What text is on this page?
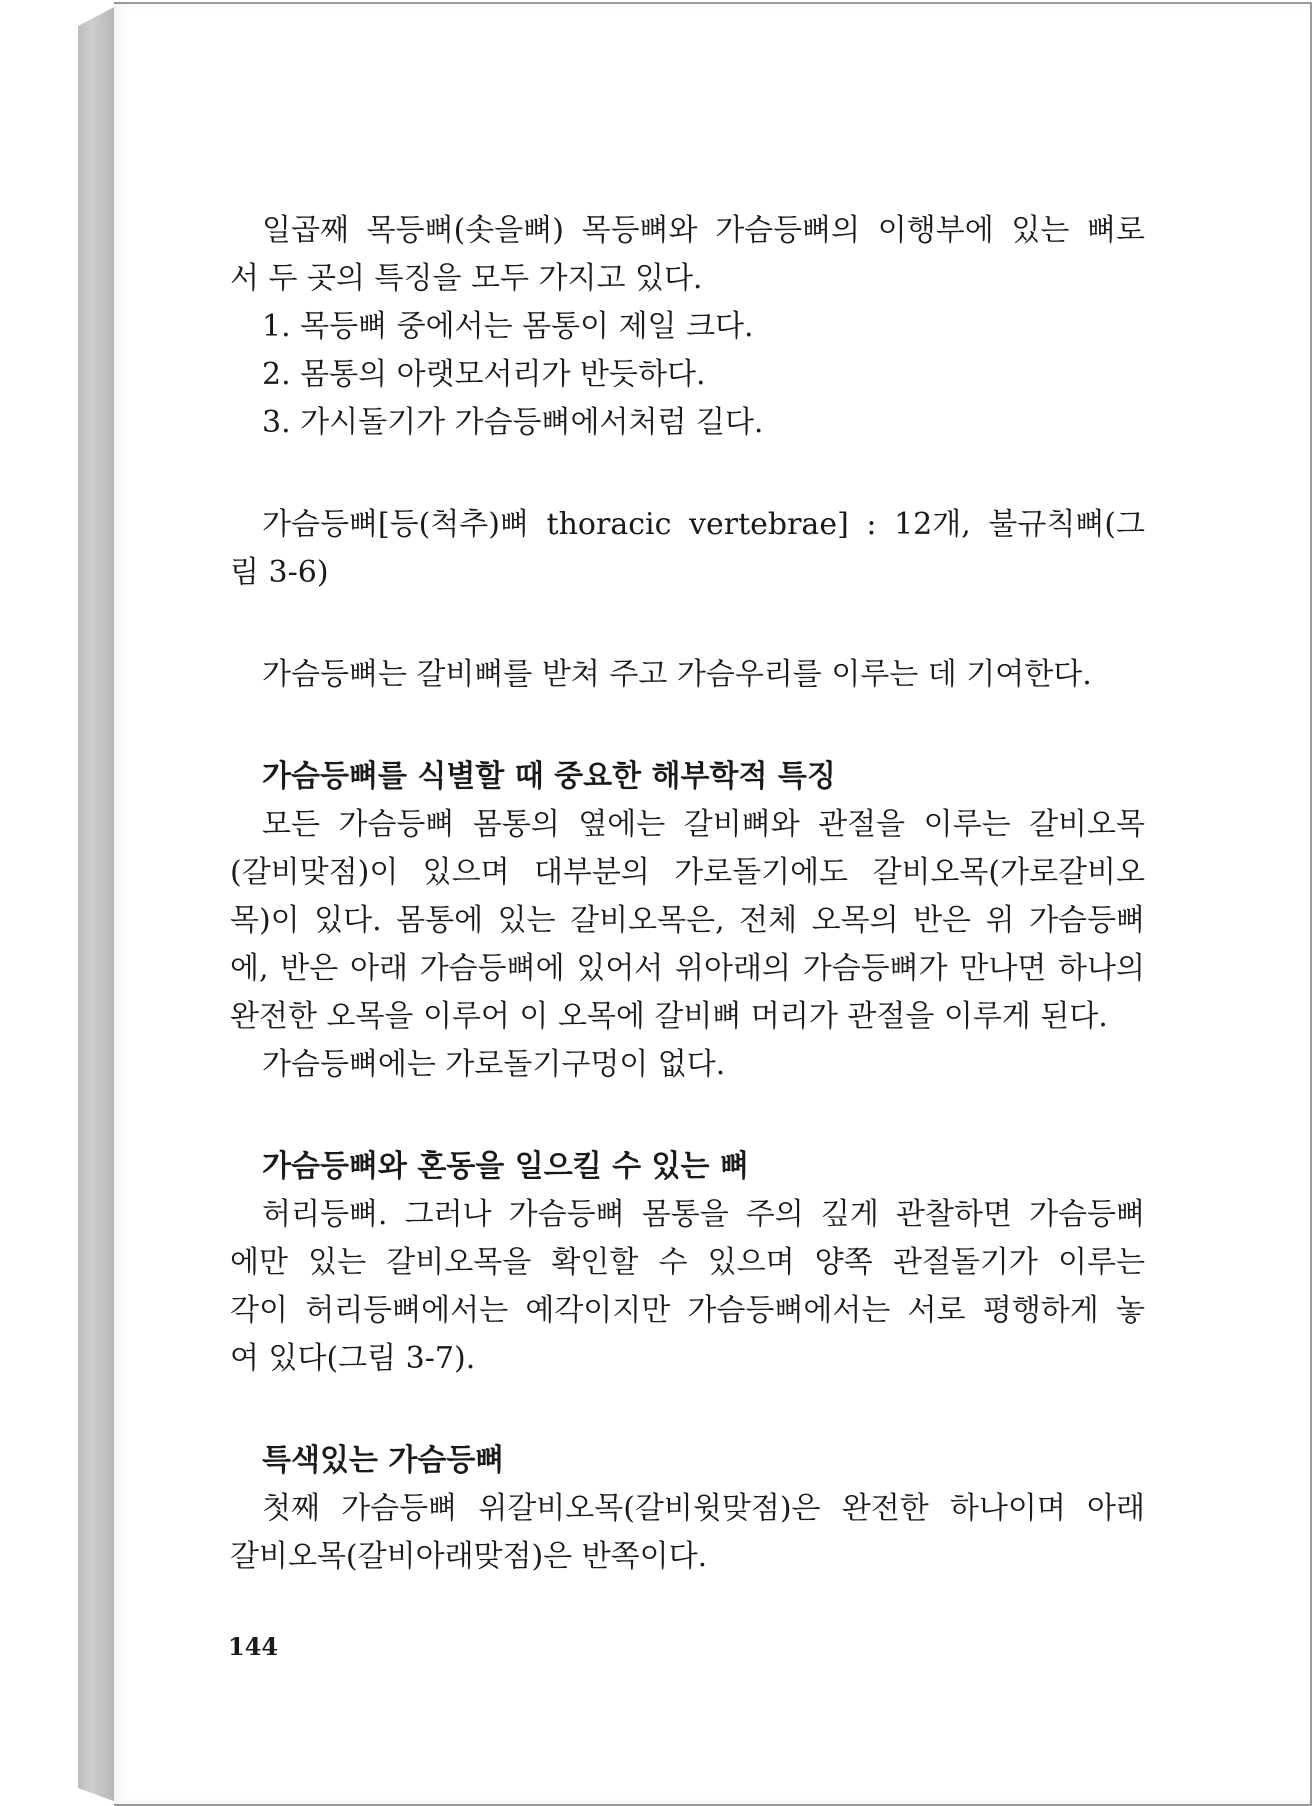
일곱째 목등뼈(솟을뼈) 목등뼈와 가슴등뼈의 이행부에 있는 뼈로
서 두 곳의 특징을 모두 가지고 있다.
1. 목등뼈 중에서는 몸통이 제일 크다.
2. 몸통의 아랫모서리가 반듯하다.
3. 가시돌기가 가슴등뼈에서처럼 길다.
가슴등뼈[등(척추)뼈 thoracic vertebrae] : 12개, 불규칙뼈(그
림 3-6)
가슴등뼈는 갈비뼈를 받쳐 주고 가슴우리를 이루는 데 기여한다.
가슴등뼈를 식별할 때 중요한 해부학적 특징
모든 가슴등뼈 몸통의 옆에는 갈비뼈와 관절을 이루는 갈비오목
(갈비맞점)이 있으며 대부분의 가로돌기에도 갈비오목(가로갈비오
목)이 있다. 몸통에 있는 갈비오목은, 전체 오목의 반은 위 가슴등뼈
에, 반은 아래 가슴등뼈에 있어서 위아래의 가슴등뼈가 만나면 하나의
완전한 오목을 이루어 이 오목에 갈비뼈 머리가 관절을 이루게 된다.
가슴등뼈에는 가로돌기구멍이 없다.
가슴등뼈와 혼동을 일으킬 수 있는 뼈
허리등뼈. 그러나 가슴등뼈 몸통을 주의 깊게 관찰하면 가슴등뼈
에만 있는 갈비오목을 확인할 수 있으며 양쪽 관절돌기가 이루는
각이 허리등뼈에서는 예각이지만 가슴등뼈에서는 서로 평행하게 놓
여 있다(그림 3-7).
특색있는 가슴등뼈
첫째 가슴등뼈 위갈비오목(갈비윗맞점)은 완전한 하나이며 아래
갈비오목(갈비아래맞점)은 반쪽이다.
144
